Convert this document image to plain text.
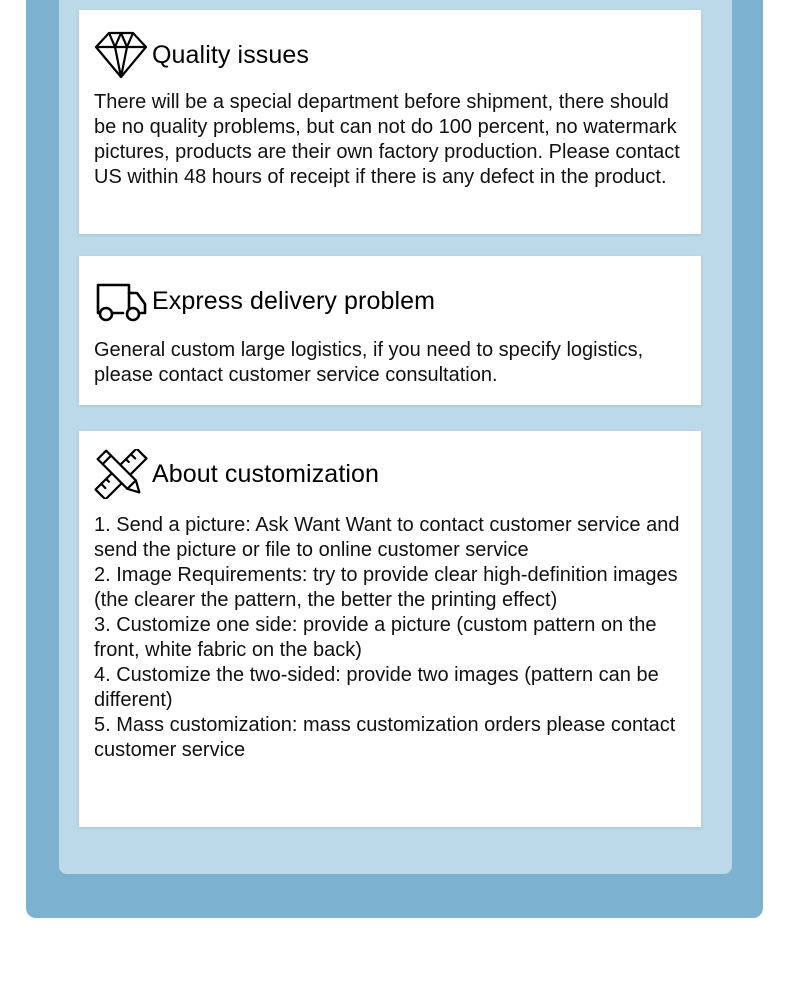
Quality issues
There will be a special department before shipment, there should be no quality problems, but can not do 100 percent, no watermark pictures, products are their own factory production. Please contact US within 48 hours of receipt if there is any defect in the product.
Express delivery problem
General custom large logistics, if you need to specify logistics, please contact customer service consultation.
About customization

1. Send a picture: Ask Want Want to contact customer service and send the picture or file to online customer service

2. Image Requirements: try to provide clear high-definition images (the clearer the pattern, the better the printing effect)

3. Customize one side: provide a picture (custom pattern on the front, white fabric on the back)

4. Customize the two-sided: provide two images (pattern can be different)

5. Mass customization: mass customization orders please contact customer service
